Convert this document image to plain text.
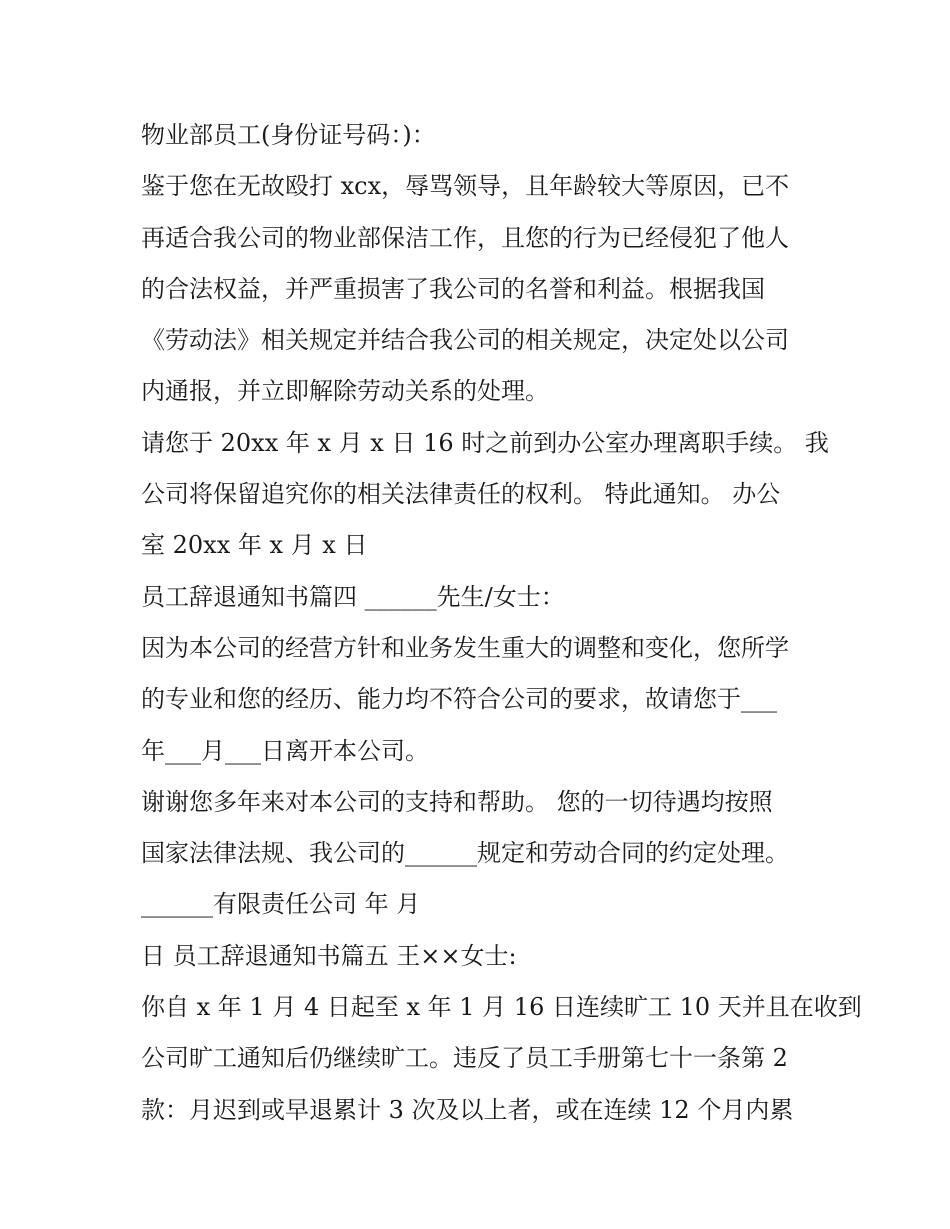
物业部员工(身份证号码：)：
鉴于您在无故殴打 xcx，辱骂领导，且年龄较大等原因，已不
再适合我公司的物业部保洁工作，且您的行为已经侵犯了他人
的合法权益，并严重损害了我公司的名誉和利益。根据我国
《劳动法》相关规定并结合我公司的相关规定，决定处以公司
内通报，并立即解除劳动关系的处理。
请您于 20xx 年 x 月 x 日 16 时之前到办公室办理离职手续。 我
公司将保留追究你的相关法律责任的权利。 特此通知。 办公
室 20xx 年 x 月 x 日
员工辞退通知书篇四 ______先生/女士：
因为本公司的经营方针和业务发生重大的调整和变化，您所学
的专业和您的经历、能力均不符合公司的要求，故请您于___
年___月___日离开本公司。
谢谢您多年来对本公司的支持和帮助。 您的一切待遇均按照
国家法律法规、我公司的______规定和劳动合同的约定处理。
______有限责任公司 年 月
日 员工辞退通知书篇五 王××女士:
你自 x 年 1 月 4 日起至 x 年 1 月 16 日连续旷工 10 天并且在收到
公司旷工通知后仍继续旷工。违反了员工手册第七十一条第 2
款：月迟到或早退累计 3 次及以上者，或在连续 12 个月内累
